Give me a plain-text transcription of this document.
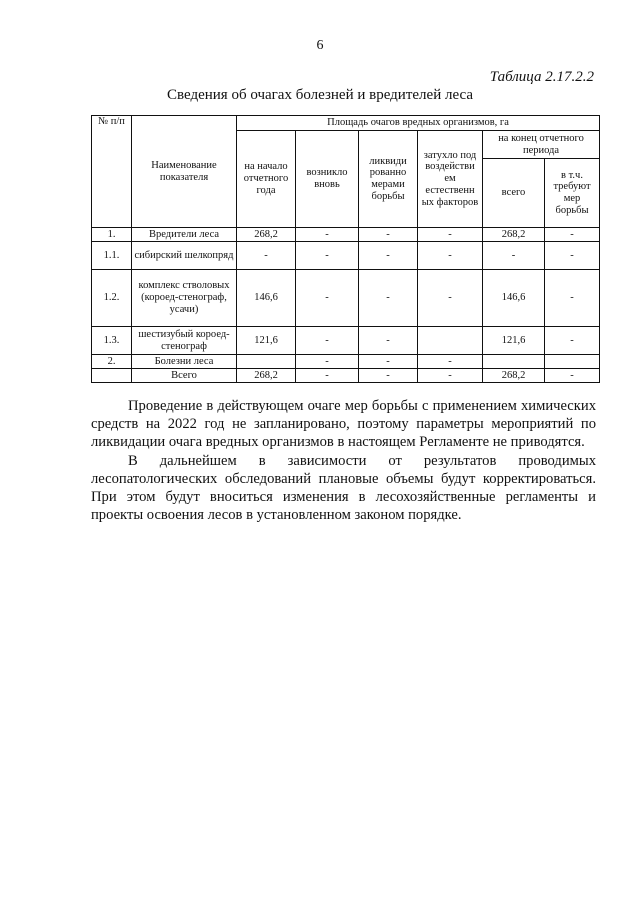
6
Таблица 2.17.2.2
Сведения об очагах болезней и вредителей леса
№ п/п	Наименование показателя	Площадь очагов вредных организмов, га					
		на начало отчетного года	возникло вновь	ликвиди рованно мерами борьбы	затухло под воздействи ем естественн ых факторов	на конец отчетного периода	
						всего	в т.ч. требуют мер борьбы
1.	Вредители леса	268,2	-	-	-	268,2	-
1.1.	сибирский шелкопряд	-	-	-	-	-	-
1.2.	комплекс стволовых (короед-стенограф, усачи)	146,6	-	-	-	146,6	-
1.3.	шестизубый короед-стенограф	121,6	-	-		121,6	-
2.	Болезни леса		-	-	-		
	Всего	268,2	-	-	-	268,2	-

Проведение в действующем очаге мер борьбы с применением химических средств на 2022 год не запланировано, поэтому параметры мероприятий по ликвидации очага вредных организмов в настоящем Регламенте не приводятся.

В дальнейшем в зависимости от результатов проводимых лесопатологических обследований плановые объемы будут корректироваться. При этом будут вноситься изменения в лесохозяйственные регламенты и проекты освоения лесов в установленном законом порядке.
